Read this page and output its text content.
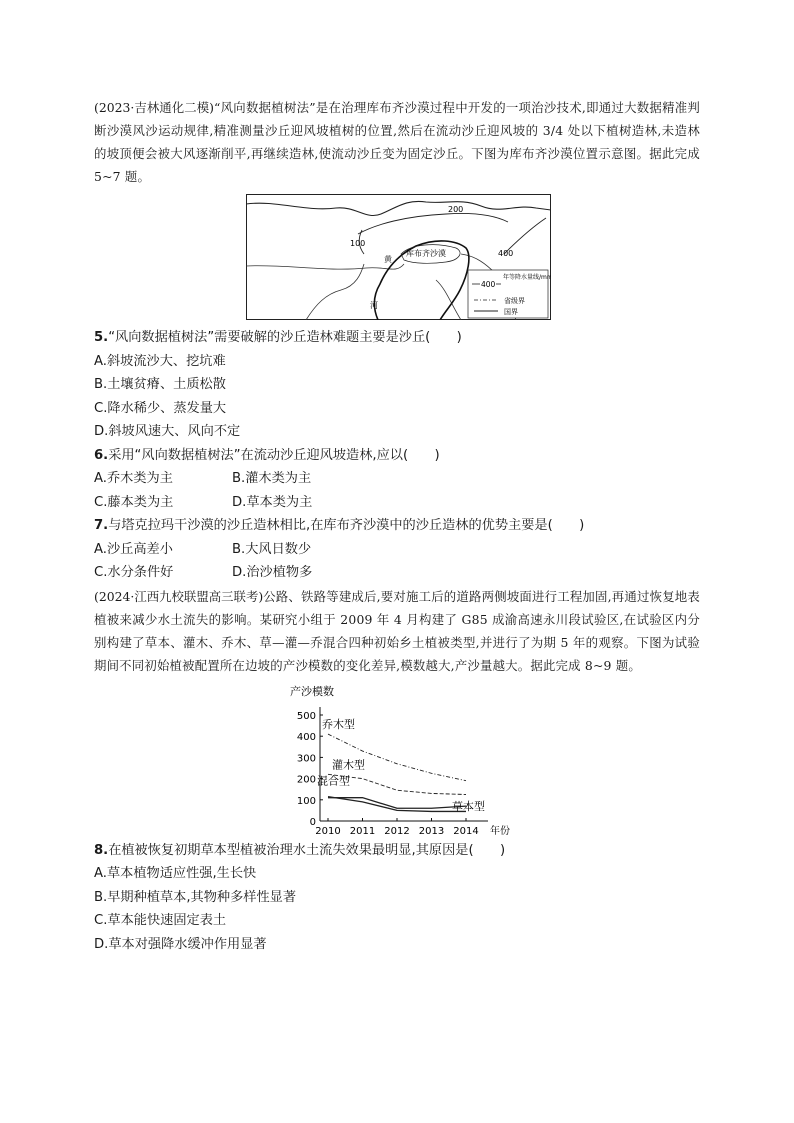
(2023·吉林通化二模)“风向数据植树法”是在治理库布齐沙漠过程中开发的一项治沙技术,即通过大数据精准判断沙漠风沙运动规律,精准测量沙丘迎风坡植树的位置,然后在流动沙丘迎风坡的 3/4 处以下植树造林,未造林的坡顶便会被大风逐渐削平,再继续造林,使流动沙丘变为固定沙丘。下图为库布齐沙漠位置示意图。据此完成 5~7 题。

100
200
400
库布齐沙漠
黄
河
400
年等降水量线/mm
省级界
国界

5.“风向数据植树法”需要破解的沙丘造林难题主要是沙丘(　　)

A.斜坡流沙大、挖坑难

B.土壤贫瘠、土质松散

C.降水稀少、蒸发量大

D.斜坡风速大、风向不定

6.采用“风向数据植树法”在流动沙丘迎风坡造林,应以(　　)

A.乔木类为主	B.灌木类为主

C.藤本类为主	D.草本类为主

7.与塔克拉玛干沙漠的沙丘造林相比,在库布齐沙漠中的沙丘造林的优势主要是(　　)

A.沙丘高差小	B.大风日数少

C.水分条件好	D.治沙植物多

(2024·江西九校联盟高三联考)公路、铁路等建成后,要对施工后的道路两侧坡面进行工程加固,再通过恢复地表植被来减少水土流失的影响。某研究小组于 2009 年 4 月构建了 G85 成渝高速永川段试验区,在试验区内分别构建了草本、灌木、乔木、草—灌—乔混合四种初始乡土植被类型,并进行了为期 5 年的观察。下图为试验期间不同初始植被配置所在边坡的产沙模数的变化差异,模数越大,产沙量越大。据此完成 8~9 题。

产沙模数
年份
0
100
200
300
400
500
2010 2011 2012 2013 2014
乔木型
灌木型
混合型
草本型

8.在植被恢复初期草本型植被治理水土流失效果最明显,其原因是(　　)

A.草本植物适应性强,生长快

B.早期种植草本,其物种多样性显著

C.草本能快速固定表土

D.草本对强降水缓冲作用显著
